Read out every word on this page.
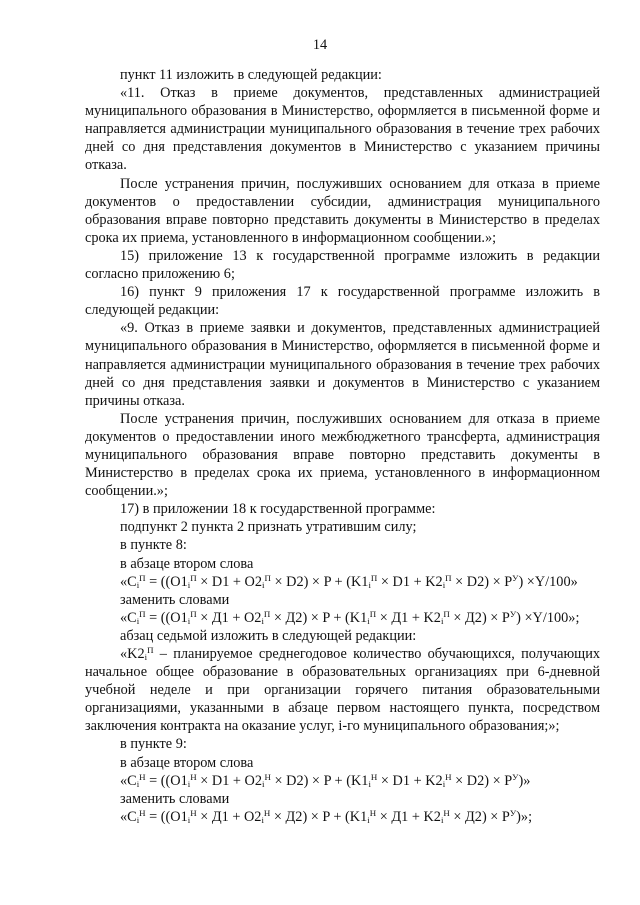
14

пункт 11 изложить в следующей редакции:

«11. Отказ в приеме документов, представленных администрацией муниципального образования в Министерство, оформляется в письменной форме и направляется администрации муниципального образования в течение трех рабочих дней со дня представления документов в Министерство с указанием причины отказа.

После устранения причин, послуживших основанием для отказа в приеме документов о предоставлении субсидии, администрация муниципального образования вправе повторно представить документы в Министерство в пределах срока их приема, установленного в информационном сообщении.»;

15) приложение 13 к государственной программе изложить в редакции согласно приложению 6;

16) пункт 9 приложения 17 к государственной программе изложить в следующей редакции:

«9. Отказ в приеме заявки и документов, представленных администрацией муниципального образования в Министерство, оформляется в письменной форме и направляется администрации муниципального образования в течение трех рабочих дней со дня представления заявки и документов в Министерство с указанием причины отказа.

После устранения причин, послуживших основанием для отказа в приеме документов о предоставлении иного межбюджетного трансферта, администрация муниципального образования вправе повторно представить документы в Министерство в пределах срока их приема, установленного в информационном сообщении.»;

17) в приложении 18 к государственной программе:

подпункт 2 пункта 2 признать утратившим силу;

в пункте 8:

в абзаце втором слова

«$C_i^П = ((O1_i^П \times D1 + O2_i^П \times D2) \times P + (K1_i^П \times D1 + K2_i^П \times D2) \times P^У) \times Y/100$»

заменить словами

«$C_i^П = ((O1_i^П \times Д1 + O2_i^П \times Д2) \times P + (K1_i^П \times Д1 + K2_i^П \times Д2) \times P^У) \times Y/100$»;

абзац седьмой изложить в следующей редакции:

«$K2_i^П$ – планируемое среднегодовое количество обучающихся, получающих начальное общее образование в образовательных организациях при 6-дневной учебной неделе и при организации горячего питания образовательными организациями, указанными в абзаце первом настоящего пункта, посредством заключения контракта на оказание услуг, i-го муниципального образования;»;

в пункте 9:

в абзаце втором слова

«$C_i^Н = ((O1_i^Н \times D1 + O2_i^Н \times D2) \times P + (K1_i^Н \times D1 + K2_i^Н \times D2) \times P^У)$»

заменить словами

«$C_i^Н = ((O1_i^Н \times Д1 + O2_i^Н \times Д2) \times P + (K1_i^Н \times Д1 + K2_i^Н \times Д2) \times P^У)$»;
